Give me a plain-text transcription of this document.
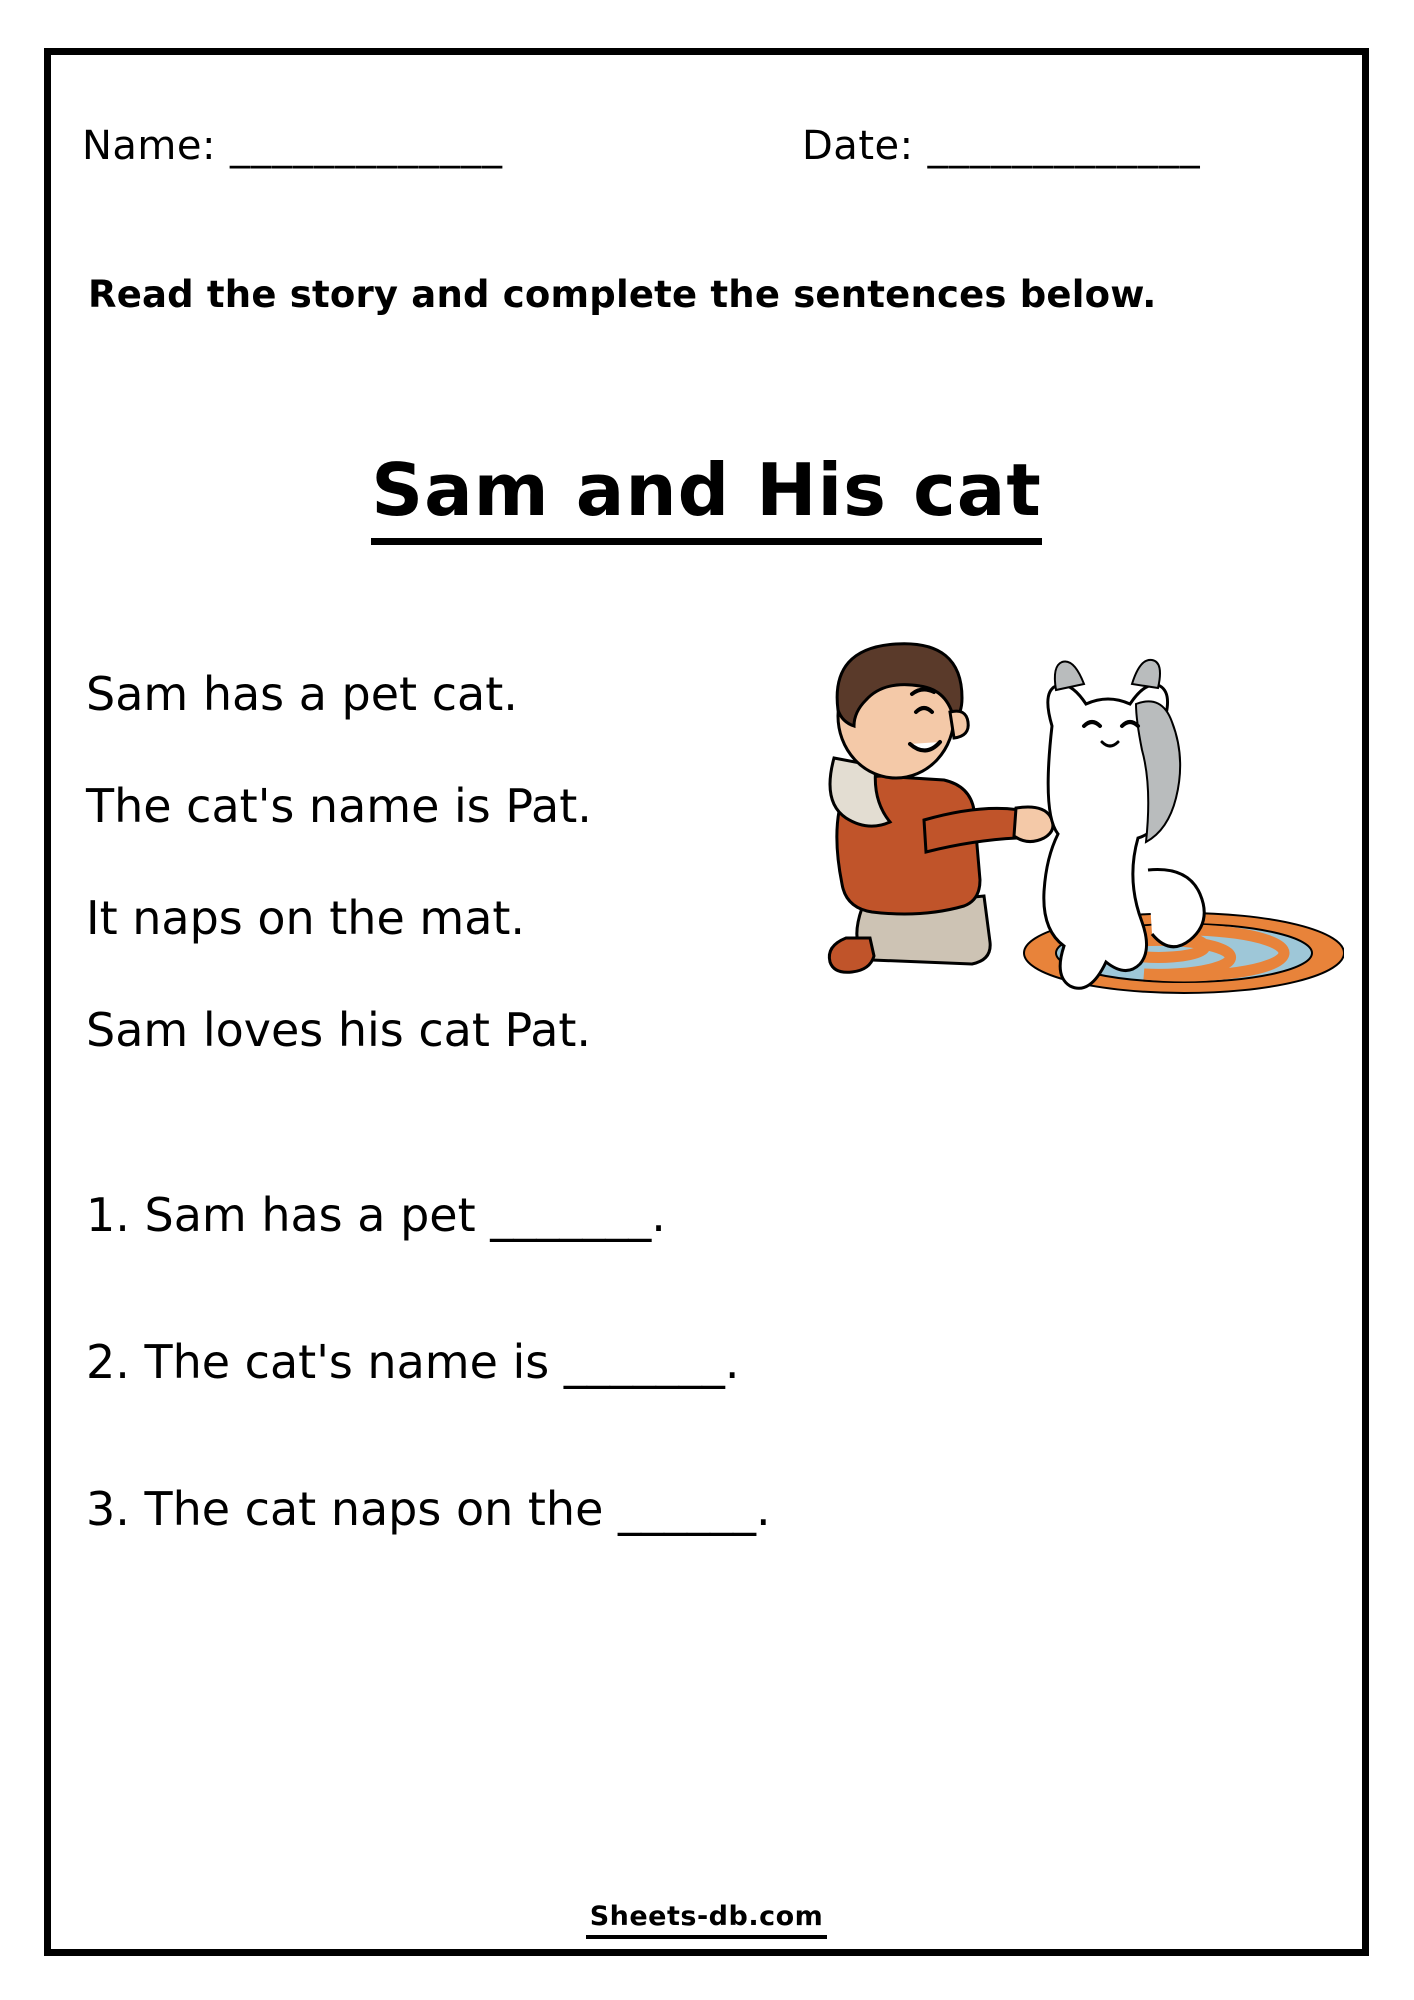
Name: _____________	Date: _____________
Read the story and complete the sentences below.
Sam and His cat
Sam has a pet cat.
The cat's name is Pat.
It naps on the mat.
Sam loves his cat Pat.
1. Sam has a pet _______.
2. The cat's name is _______.
3. The cat naps on the ______.
Sheets-db.com
